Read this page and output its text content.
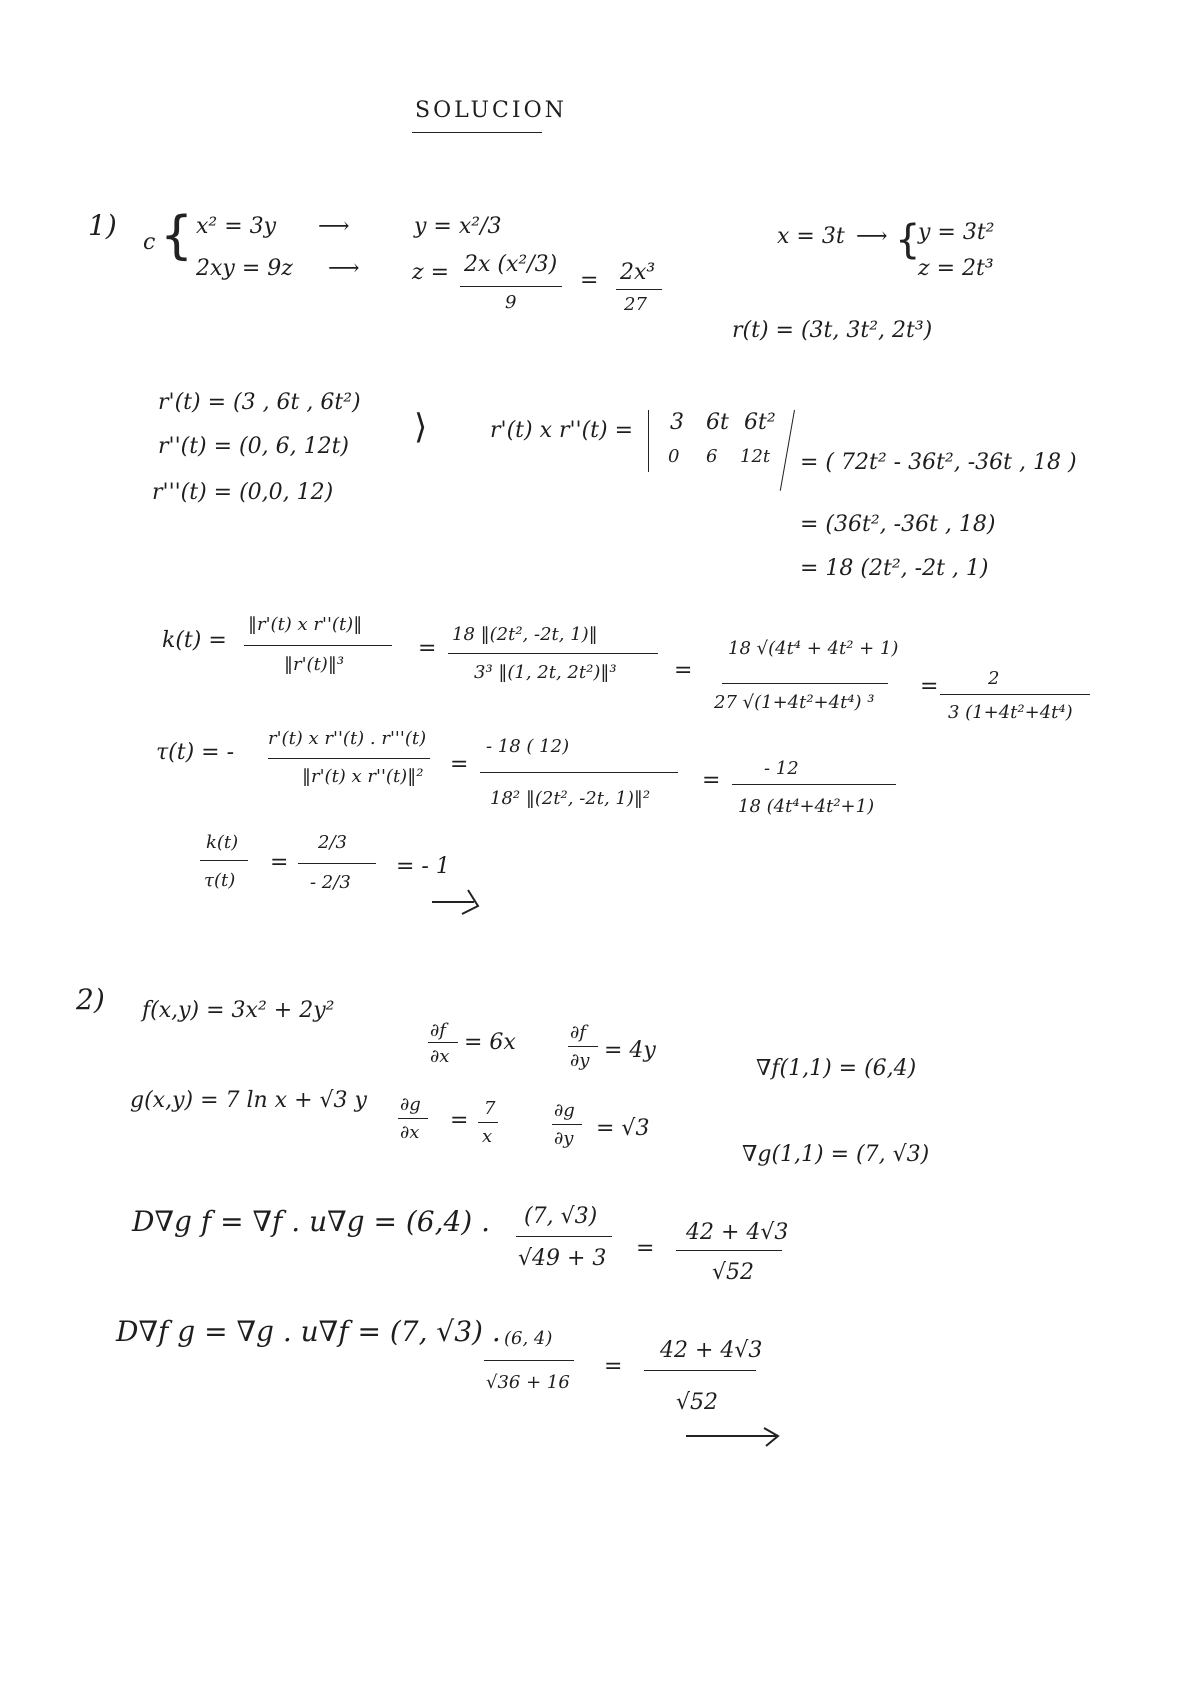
SOLUCION
1)
c { x² = 3y
2xy = 9z
⟶
⟶
y = x²/3
z = 2x (x²/3)
9
= 2x³
27
x = 3t ⟶ {
y = 3t²
z = 2t³
r(t) = (3t, 3t², 2t³)
r'(t) = (3 , 6t , 6t²)
r''(t) = (0, 6, 12t)
r'''(t) = (0,0, 12)
⟩	r'(t) x r''(t) = 3 6t 6t²
0 6 12t = ( 72t² - 36t², -36t , 18 )
= (36t², -36t , 18)
= 18 (2t², -2t , 1)
k(t) =
‖r'(t) x r''(t)‖
‖r'(t)‖³
=
18 ‖(2t², -2t, 1)‖
3³ ‖(1, 2t, 2t²)‖³	=
18 √(4t⁴ + 4t² + 1)
27 √(1+4t²+4t⁴) ³
=	2
3 (1+4t²+4t⁴)
τ(t) = -
r'(t) x r''(t) . r'''(t)
‖r'(t) x r''(t)‖² =
- 18 ( 12)
18² ‖(2t², -2t, 1)‖²
= - 12
18 (4t⁴+4t²+1)
k(t)
τ(t)
=
2/3
- 2/3
= - 1
2) f(x,y) = 3x² + 2y²
∂f
∂x
= 6x	∂f
∂y = 4y
∇f(1,1) = (6,4)
g(x,y) = 7 ln x + √3 y ∂g
∂x = 7
x
∂g
∂y = √3
∇g(1,1) = (7, √3)
D∇g f = ∇f . u∇g = (6,4) . (7, √3)
√49 + 3 =
42 + 4√3
√52
D∇f g = ∇g . u∇f = (7, √3) . (6, 4)
√36 + 16
=
42 + 4√3
√52
